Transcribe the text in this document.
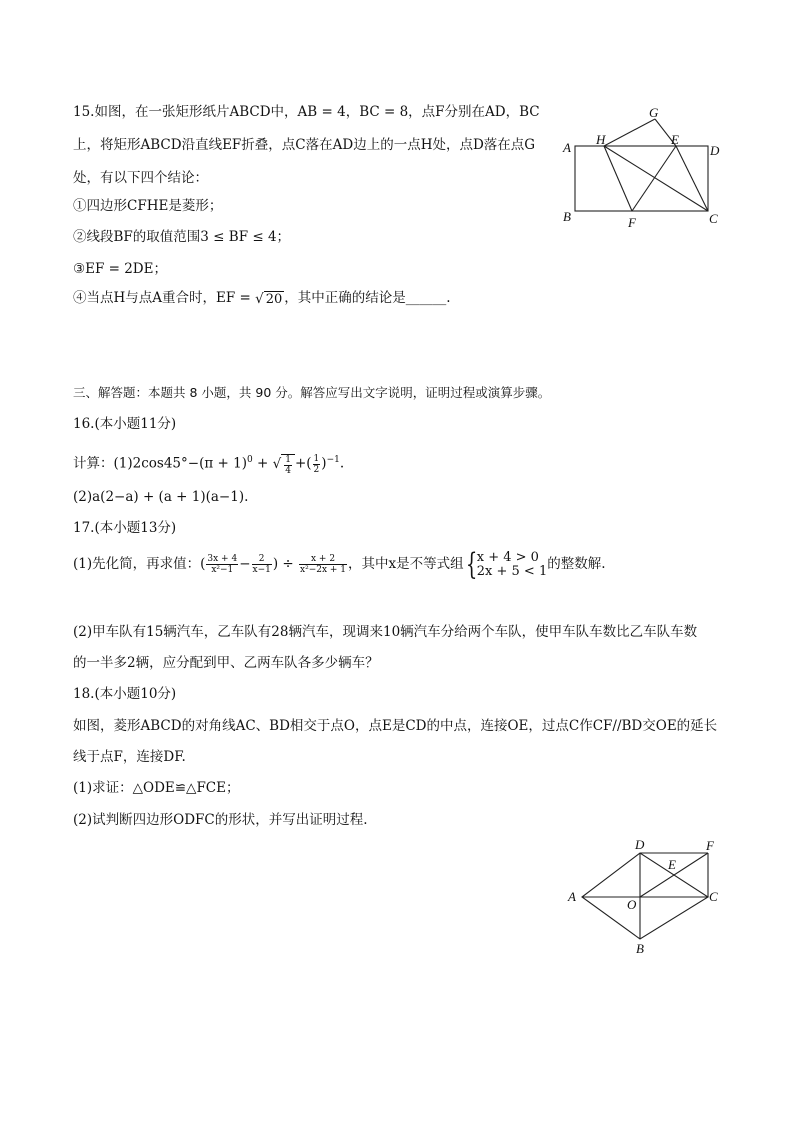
15.如图，在一张矩形纸片ABCD中，AB = 4，BC = 8，点F分别在AD，BC
上，将矩形ABCD沿直线EF折叠，点C落在AD边上的一点H处，点D落在点G
处，有以下四个结论：
①四边形CFHE是菱形；
②线段BF的取值范围3 ≤ BF ≤ 4；
③EF = 2DE；
④当点H与点A重合时，EF = √ 20 ，其中正确的结论是______.
G
A
H	E
D
B	F	C
三、解答题：本题共 8 小题，共 90 分。解答应写出文字说明，证明过程或演算步骤。
16.(本小题11分)
计算：$(1)2\cos 45^\circ-(\pi + 1)^0$ + √ $\frac{1}{4}$ +( $\frac{1}{2} )^{-1}$.
(2)a(2−a) + (a + 1)(a−1).
17.(本小题13分)
(1)先化简，再求值：( $\frac{3x + 4}{\text{x²−1}} - \frac{2}{x-1}$ ) ÷ $\frac{x + 2}{\text{x²−2x + 1}}$ ，其中x是不等式组{ x + 4 > 0
2x + 5 < 1 的整数解.
(2)甲车队有15辆汽车，乙车队有28辆汽车，现调来10辆汽车分给两个车队，使甲车队车数比乙车队车数
的一半多2辆，应分配到甲、乙两车队各多少辆车？
18.(本小题10分)
如图，菱形ABCD的对角线AC、BD相交于点O，点E是CD的中点，连接OE，过点C作CF//BD交OE的延长
线于点F，连接DF.
(1)求证：△ODE≌△FCE；
(2)试判断四边形ODFC的形状，并写出证明过程.
D	F
E
A
O
C
B
